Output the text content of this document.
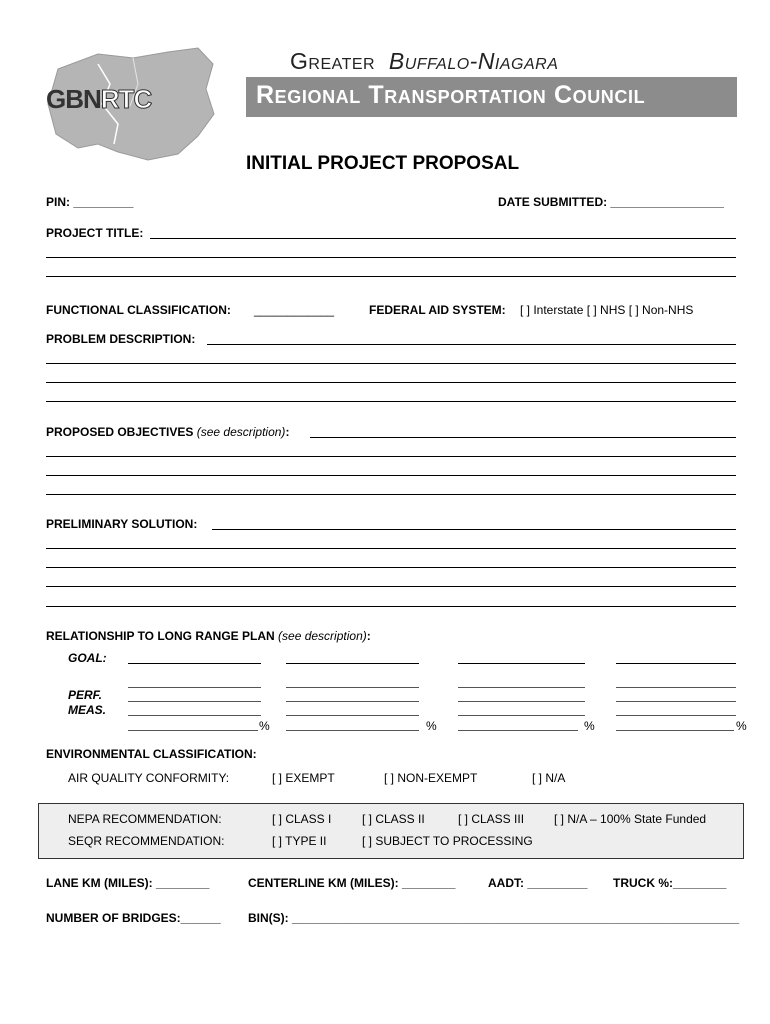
GBNRTC
Greater Buffalo-Niagara
Regional Transportation Council
INITIAL PROJECT PROPOSAL
PIN: _________	DATE SUBMITTED: _________________
PROJECT TITLE:
FUNCTIONAL CLASSIFICATION: ____________	FEDERAL AID SYSTEM: [ ] Interstate [ ] NHS [ ] Non-NHS
PROBLEM DESCRIPTION:
PROPOSED OBJECTIVES (see description):
PRELIMINARY SOLUTION:
RELATIONSHIP TO LONG RANGE PLAN (see description):
GOAL:
PERF.
MEAS.
%	%	%	%
ENVIRONMENTAL CLASSIFICATION:
AIR QUALITY CONFORMITY:	[ ] EXEMPT	[ ] NON-EXEMPT	[ ] N/A
NEPA RECOMMENDATION:	[ ] CLASS I	[ ] CLASS II	[ ] CLASS III [ ] N/A – 100% State Funded
SEQR RECOMMENDATION:	[ ] TYPE II	[ ] SUBJECT TO PROCESSING
LANE KM (MILES): ________	CENTERLINE KM (MILES): ________	AADT: _________ TRUCK %:________
NUMBER OF BRIDGES:______ BIN(S): ___________________________________________________________________
